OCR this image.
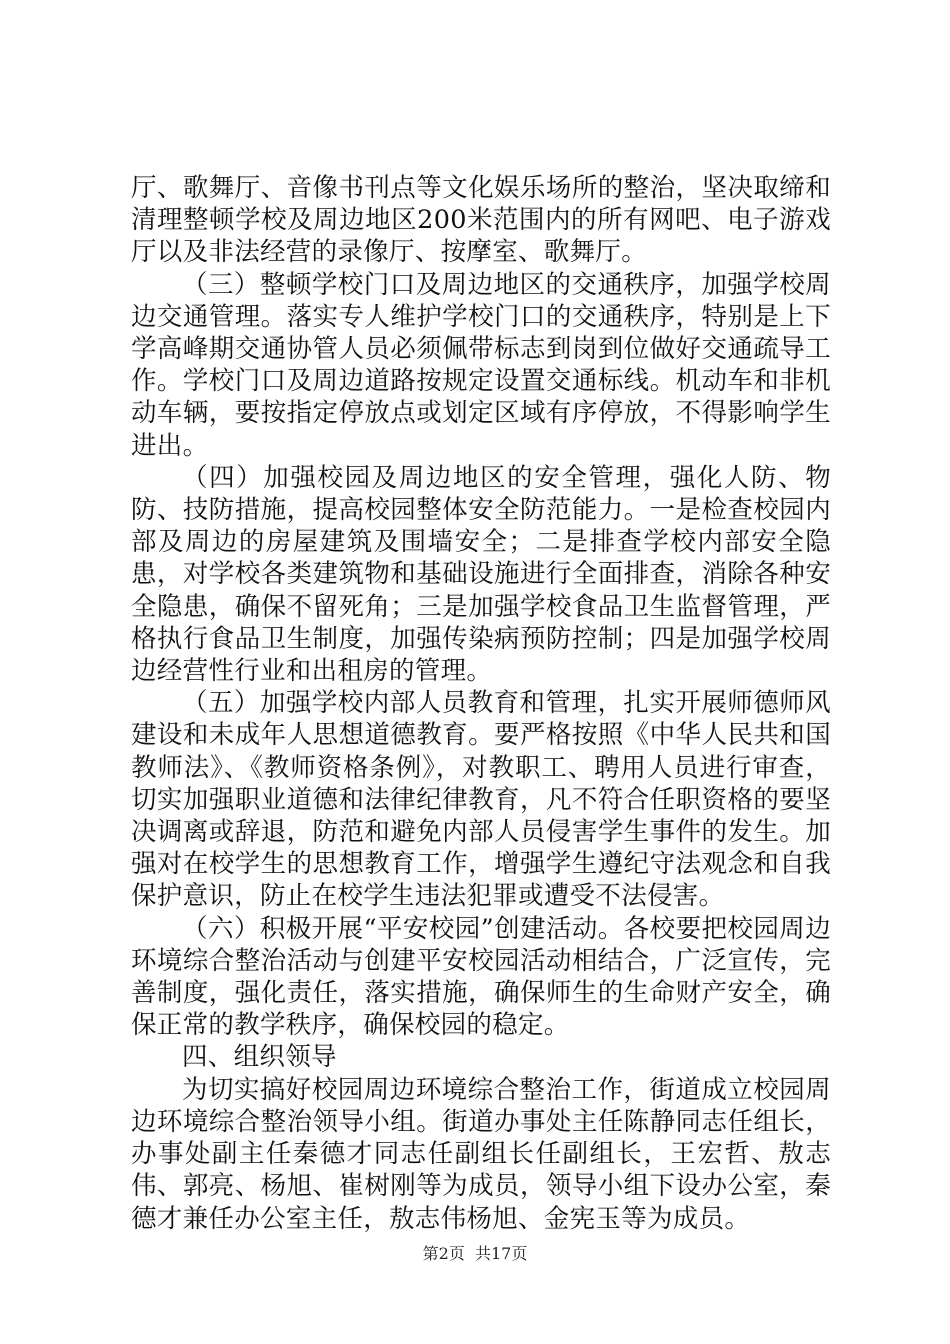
厅、歌舞厅、音像书刊点等文化娱乐场所的整治，坚决取缔和清理整顿学校及周边地区200米范围内的所有网吧、电子游戏厅以及非法经营的录像厅、按摩室、歌舞厅。

（三）整顿学校门口及周边地区的交通秩序，加强学校周边交通管理。落实专人维护学校门口的交通秩序，特别是上下学高峰期交通协管人员必须佩带标志到岗到位做好交通疏导工作。学校门口及周边道路按规定设置交通标线。机动车和非机动车辆，要按指定停放点或划定区域有序停放，不得影响学生进出。

（四）加强校园及周边地区的安全管理，强化人防、物防、技防措施，提高校园整体安全防范能力。一是检查校园内部及周边的房屋建筑及围墙安全；二是排查学校内部安全隐患，对学校各类建筑物和基础设施进行全面排查，消除各种安全隐患，确保不留死角；三是加强学校食品卫生监督管理，严格执行食品卫生制度，加强传染病预防控制；四是加强学校周边经营性行业和出租房的管理。

（五）加强学校内部人员教育和管理，扎实开展师德师风建设和未成年人思想道德教育。要严格按照《中华人民共和国教师法》、《教师资格条例》，对教职工、聘用人员进行审查，切实加强职业道德和法律纪律教育，凡不符合任职资格的要坚决调离或辞退，防范和避免内部人员侵害学生事件的发生。加强对在校学生的思想教育工作，增强学生遵纪守法观念和自我保护意识，防止在校学生违法犯罪或遭受不法侵害。

（六）积极开展“平安校园”创建活动。各校要把校园周边环境综合整治活动与创建平安校园活动相结合，广泛宣传，完善制度，强化责任，落实措施，确保师生的生命财产安全，确保正常的教学秩序，确保校园的稳定。

四、组织领导

为切实搞好校园周边环境综合整治工作，街道成立校园周边环境综合整治领导小组。街道办事处主任陈静同志任组长，办事处副主任秦德才同志任副组长任副组长，王宏哲、敖志伟、郭亮、杨旭、崔树刚等为成员，领导小组下设办公室，秦德才兼任办公室主任，敖志伟杨旭、金宪玉等为成员。

第2页  共17页
